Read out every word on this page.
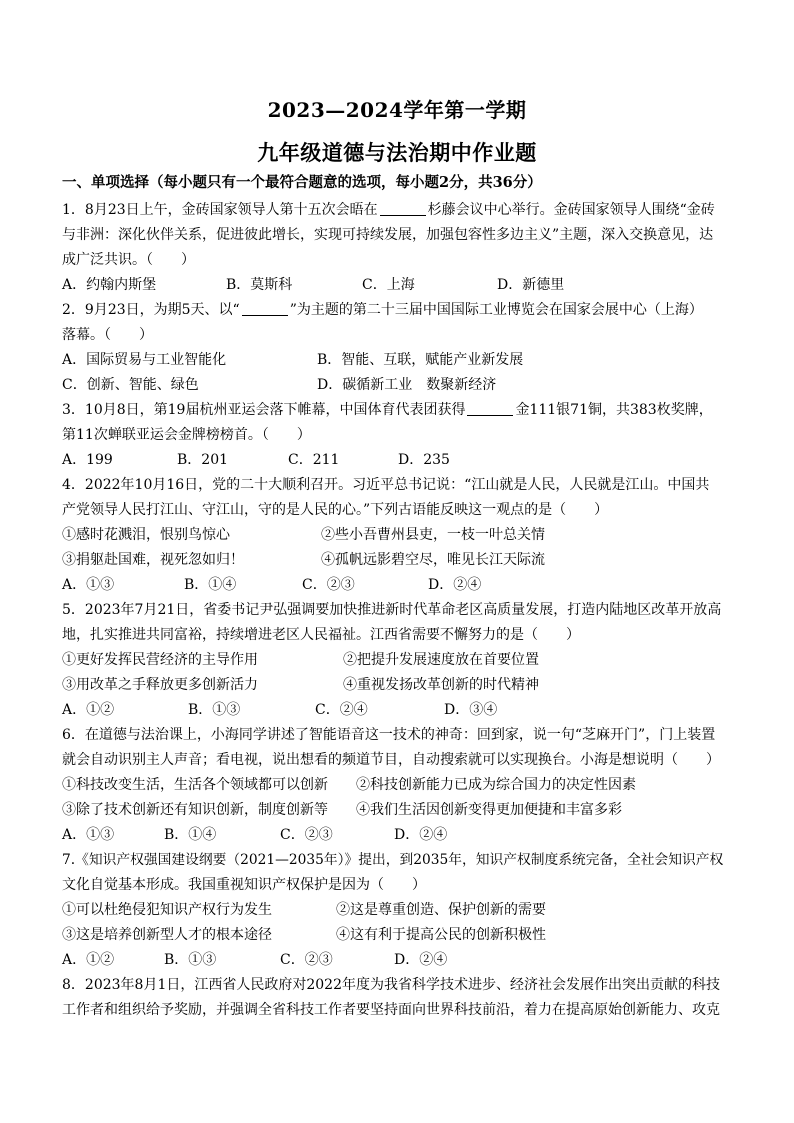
2023—2024学年第一学期
九年级道德与法治期中作业题
一、单项选择（每小题只有一个最符合题意的选项，每小题2分，共36分）
1．8月23日上午，金砖国家领导人第十五次会晤在	杉藤会议中心举行。金砖国家领导人围绕“金砖
与非洲：深化伙伴关系，促进彼此增长，实现可持续发展，加强包容性多边主义”主题，深入交换意见，达
成广泛共识。（　　）
A．约翰内斯堡	B．莫斯科	C．上海	D．新德里
2．9月23日，为期5天、以“	”为主题的第二十三届中国国际工业博览会在国家会展中心（上海）
落幕。（　　）
A．国际贸易与工业智能化	B．智能、互联，赋能产业新发展
C．创新、智能、绿色	D．碳循新工业　数聚新经济
3．10月8日，第19届杭州亚运会落下帷幕，中国体育代表团获得	金111银71铜，共383枚奖牌，
第11次蝉联亚运会金牌榜榜首。（　　）
A．199	B．201	C．211	D．235
4．2022年10月16日，党的二十大顺利召开。习近平总书记说：“江山就是人民，人民就是江山。中国共
产党领导人民打江山、守江山，守的是人民的心。”下列古语能反映这一观点的是（　　）
①感时花溅泪，恨别鸟惊心	②些小吾曹州县吏，一枝一叶总关情
③捐躯赴国难，视死忽如归！	④孤帆远影碧空尽，唯见长江天际流
A．①③	B．①④	C．②③	D．②④
5．2023年7月21日，省委书记尹弘强调要加快推进新时代革命老区高质量发展，打造内陆地区改革开放高
地，扎实推进共同富裕，持续增进老区人民福祉。江西省需要不懈努力的是（　　）
①更好发挥民营经济的主导作用	②把提升发展速度放在首要位置
③用改革之手释放更多创新活力	④重视发扬改革创新的时代精神
A．①②	B．①③	C．②④	D．③④
6．在道德与法治课上，小海同学讲述了智能语音这一技术的神奇：回到家，说一句“芝麻开门”，门上装置
就会自动识别主人声音；看电视，说出想看的频道节目，自动搜索就可以实现换台。小海是想说明（　　）
①科技改变生活，生活各个领域都可以创新 ②科技创新能力已成为综合国力的决定性因素
③除了技术创新还有知识创新，制度创新等 ④我们生活因创新变得更加便捷和丰富多彩
A．①③	B．①④	C．②③	D．②④
7.《知识产权强国建设纲要（2021—2035年）》提出，到2035年，知识产权制度系统完备，全社会知识产权
文化自觉基本形成。我国重视知识产权保护是因为（　　）
①可以杜绝侵犯知识产权行为发生	②这是尊重创造、保护创新的需要
③这是培养创新型人才的根本途径	④这有利于提高公民的创新积极性
A．①②	B．①③	C．②③	D．②④
8．2023年8月1日，江西省人民政府对2022年度为我省科学技术进步、经济社会发展作出突出贡献的科技
工作者和组织给予奖励，并强调全省科技工作者要坚持面向世界科技前沿，着力在提高原始创新能力、攻克
